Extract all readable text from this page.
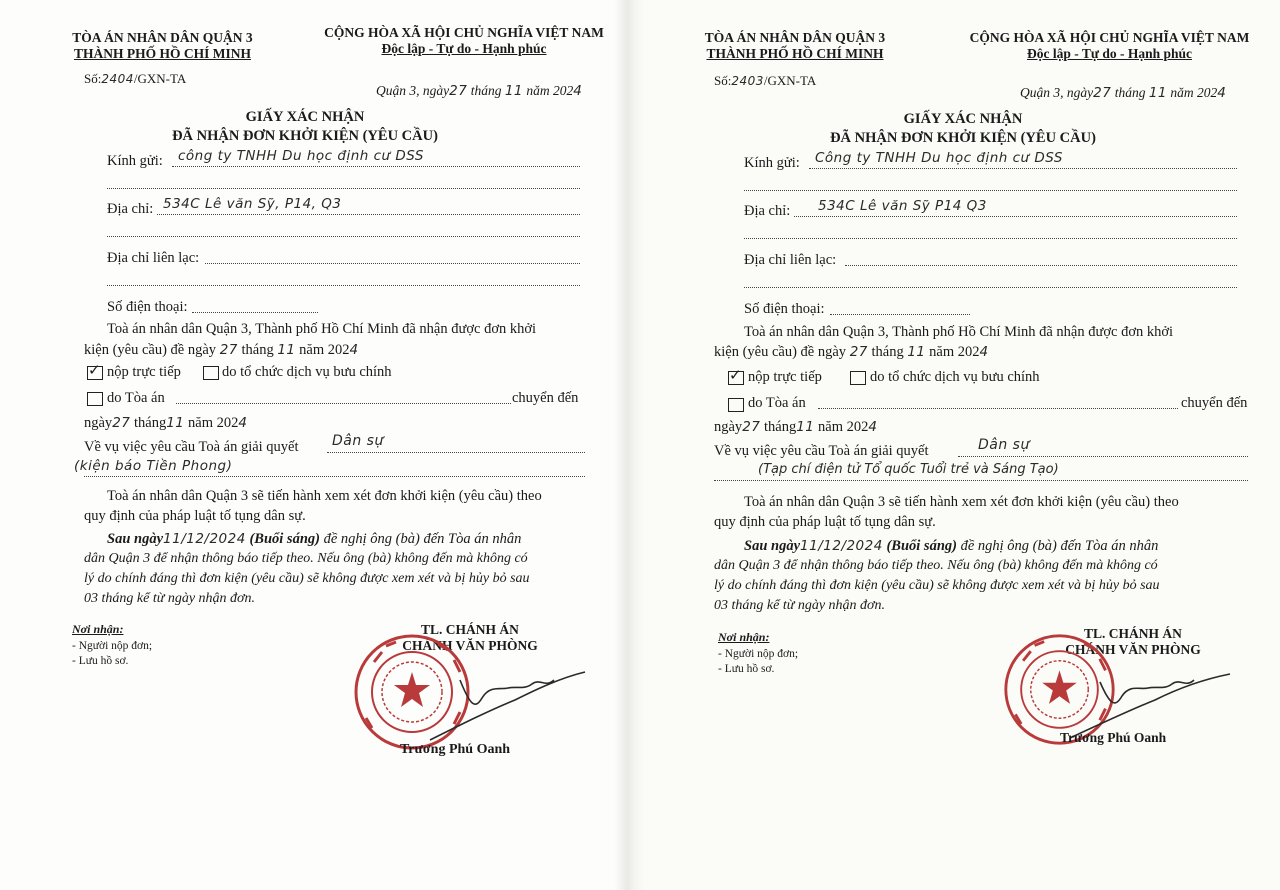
TÒA ÁN NHÂN DÂN QUẬN 3
THÀNH PHỐ HỒ CHÍ MINH
CỘNG HÒA XÃ HỘI CHỦ NGHĨA VIỆT NAM
Độc lập - Tự do - Hạnh phúc
Số:2404/GXN-TA
Quận 3, ngày27 tháng 11 năm 2024
GIẤY XÁC NHẬN
ĐÃ NHẬN ĐƠN KHỞI KIỆN (YÊU CẦU)
Kính gửi: công ty TNHH Du học định cư DSS
Địa chỉ: 534C Lê văn Sỹ, P14, Q3
Địa chỉ liên lạc:
Số điện thoại:
Toà án nhân dân Quận 3, Thành phố Hồ Chí Minh đã nhận được đơn khởi
kiện (yêu cầu) đề ngày 27 tháng 11 năm 2024
✓ nộp trực tiếp	do tổ chức dịch vụ bưu chính
do Tòa án	chuyển đến
ngày27 tháng11 năm 2024
Về vụ việc yêu cầu Toà án giải quyết Dân sự
(kiện báo Tiền Phong)
Toà án nhân dân Quận 3 sẽ tiến hành xem xét đơn khởi kiện (yêu cầu) theo
quy định của pháp luật tố tụng dân sự.
Sau ngày11/12/2024 (Buổi sáng) đề nghị ông (bà) đến Tòa án nhân
dân Quận 3 để nhận thông báo tiếp theo. Nếu ông (bà) không đến mà không có
lý do chính đáng thì đơn kiện (yêu cầu) sẽ không được xem xét và bị hủy bỏ sau
03 tháng kể từ ngày nhận đơn.
Nơi nhận:
- Người nộp đơn;
- Lưu hồ sơ.
TL. CHÁNH ÁN
CHÁNH VĂN PHÒNG
Trương Phú Oanh
TÒA ÁN NHÂN DÂN QUẬN 3
THÀNH PHỐ HỒ CHÍ MINH
CỘNG HÒA XÃ HỘI CHỦ NGHĨA VIỆT NAM
Độc lập - Tự do - Hạnh phúc
Số:2403/GXN-TA
Quận 3, ngày27 tháng 11 năm 2024
GIẤY XÁC NHẬN
ĐÃ NHẬN ĐƠN KHỞI KIỆN (YÊU CẦU)
Kính gửi: Công ty TNHH Du học định cư DSS
Địa chỉ: 534C Lê văn Sỹ P14 Q3
Địa chỉ liên lạc:
Số điện thoại:
Toà án nhân dân Quận 3, Thành phố Hồ Chí Minh đã nhận được đơn khởi
kiện (yêu cầu) đề ngày 27 tháng 11 năm 2024
✓ nộp trực tiếp	do tổ chức dịch vụ bưu chính
do Tòa án	chuyển đến
ngày27 tháng11 năm 2024
Về vụ việc yêu cầu Toà án giải quyết	Dân sự
(Tạp chí điện tử Tổ quốc Tuổi trẻ và Sáng Tạo)
Toà án nhân dân Quận 3 sẽ tiến hành xem xét đơn khởi kiện (yêu cầu) theo
quy định của pháp luật tố tụng dân sự.
Sau ngày11/12/2024 (Buổi sáng) đề nghị ông (bà) đến Tòa án nhân
dân Quận 3 để nhận thông báo tiếp theo. Nếu ông (bà) không đến mà không có
lý do chính đáng thì đơn kiện (yêu cầu) sẽ không được xem xét và bị hủy bỏ sau
03 tháng kể từ ngày nhận đơn.
Nơi nhận:
- Người nộp đơn;
- Lưu hồ sơ.
TL. CHÁNH ÁN
CHÁNH VĂN PHÒNG
Trương Phú Oanh
